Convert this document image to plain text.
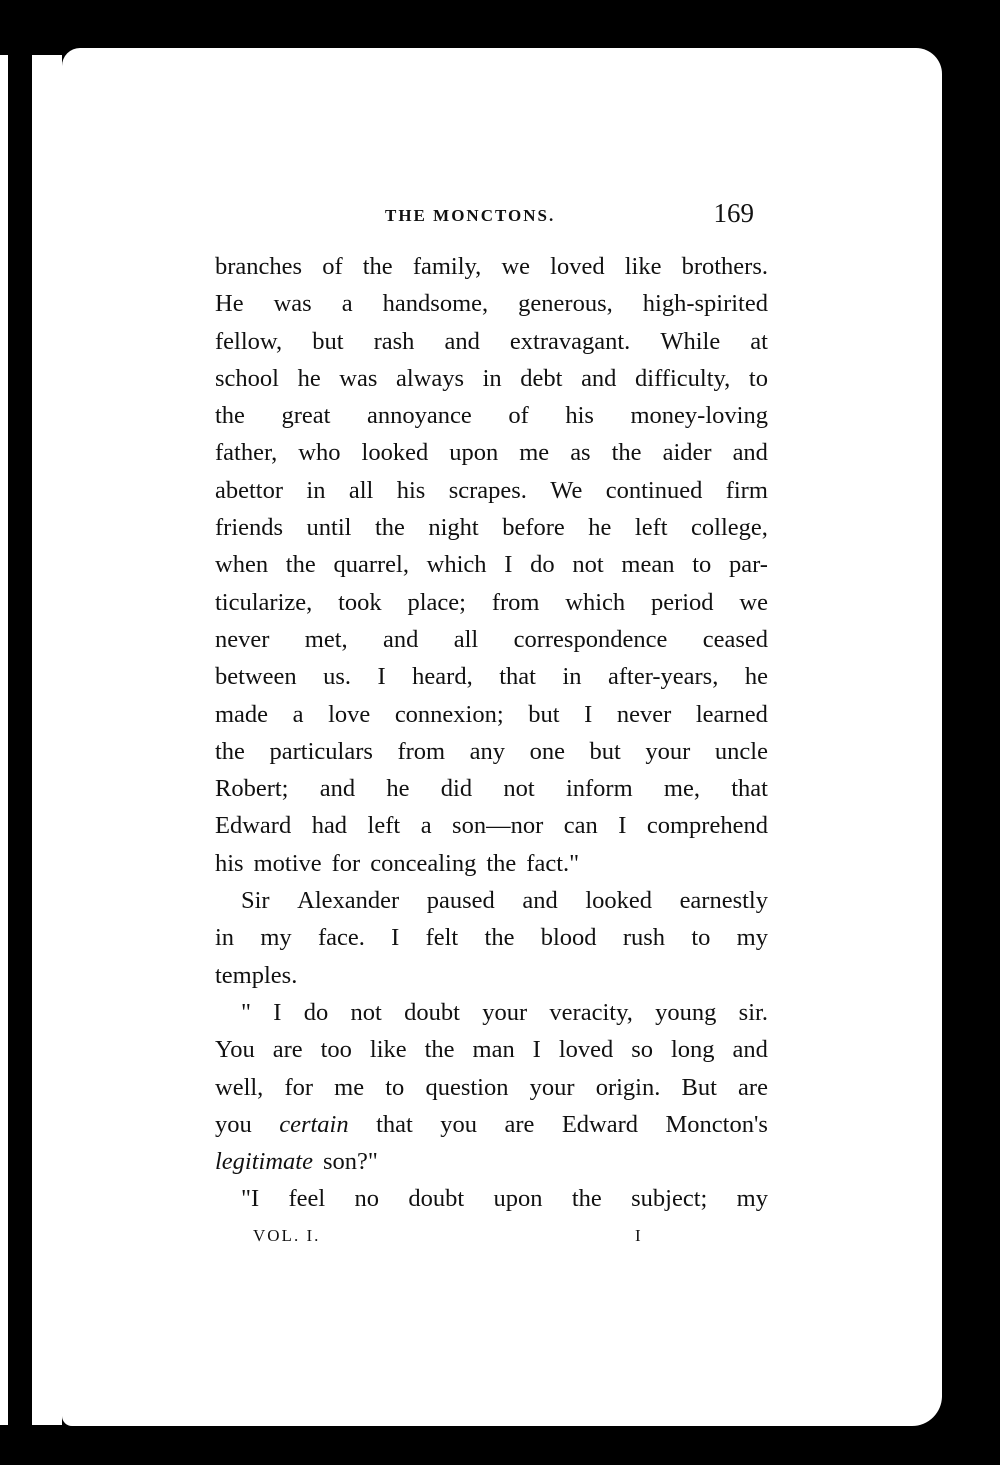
THE MONCTONS.	169
branches of the family, we loved like brothers.
He was a handsome, generous, high-spirited
fellow, but rash and extravagant. While at
school he was always in debt and difficulty, to
the great annoyance of his money-loving
father, who looked upon me as the aider and
abettor in all his scrapes. We continued firm
friends until the night before he left college,
when the quarrel, which I do not mean to par-
ticularize, took place; from which period we
never met, and all correspondence ceased
between us. I heard, that in after-years, he
made a love connexion; but I never learned
the particulars from any one but your uncle
Robert; and he did not inform me, that
Edward had left a son—nor can I comprehend
his motive for concealing the fact."
Sir Alexander paused and looked earnestly
in my face. I felt the blood rush to my
temples.
" I do not doubt your veracity, young sir.
You are too like the man I loved so long and
well, for me to question your origin. But are
you certain that you are Edward Moncton's
legitimate son?"
"I feel no doubt upon the subject; my
VOL. I.	I
